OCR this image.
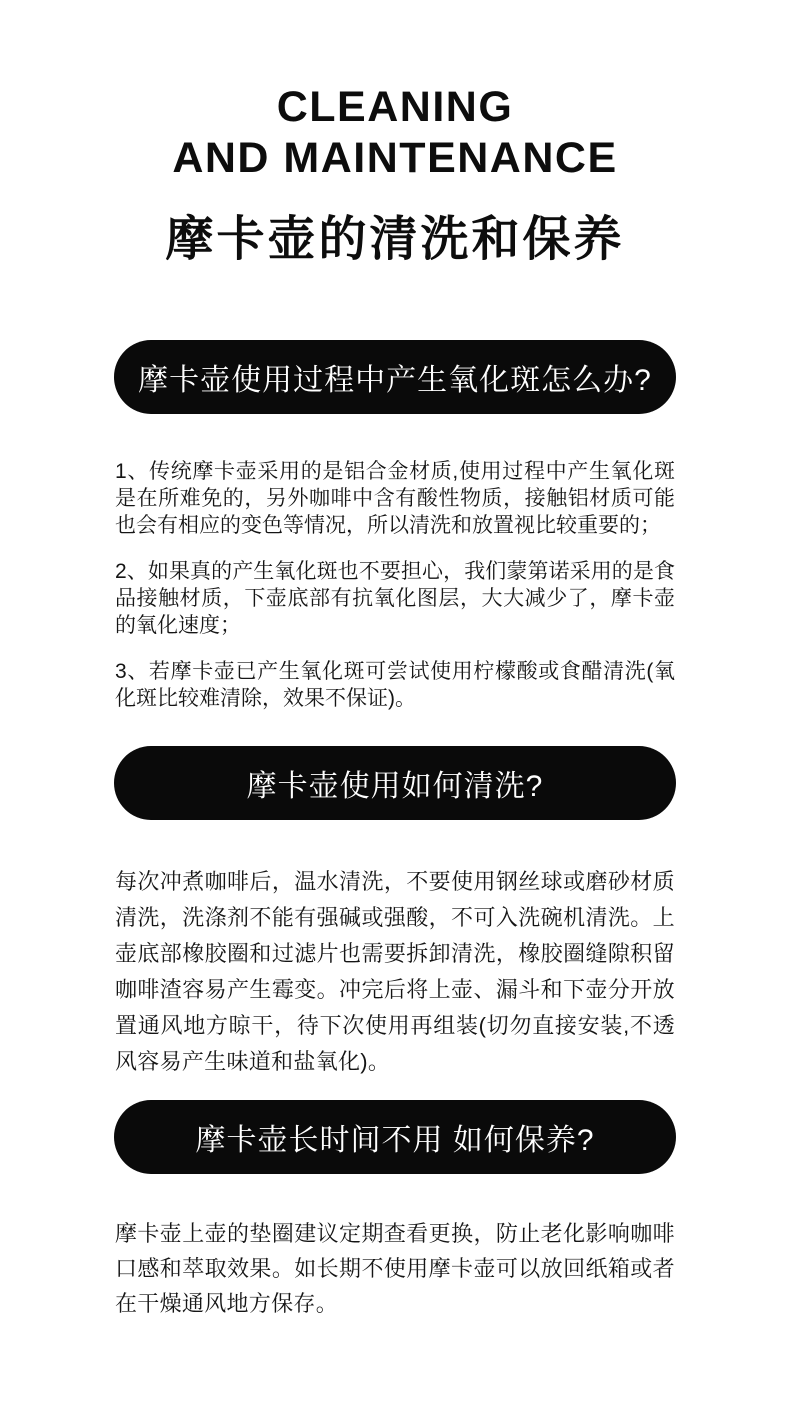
CLEANING
AND MAINTENANCE
摩卡壶的清洗和保养
摩卡壶使用过程中产生氧化斑怎么办?

1、传统摩卡壶采用的是铝合金材质,使用过程中产生氧化斑是在所难免的，另外咖啡中含有酸性物质，接触铝材质可能也会有相应的变色等情况，所以清洗和放置视比较重要的；

2、如果真的产生氧化斑也不要担心，我们蒙第诺采用的是食品接触材质，下壶底部有抗氧化图层，大大减少了，摩卡壶的氧化速度；

3、若摩卡壶已产生氧化斑可尝试使用柠檬酸或食醋清洗(氧化斑比较难清除，效果不保证)。

摩卡壶使用如何清洗?

每次冲煮咖啡后，温水清洗，不要使用钢丝球或磨砂材质清洗，洗涤剂不能有强碱或强酸，不可入洗碗机清洗。上壶底部橡胶圈和过滤片也需要拆卸清洗，橡胶圈缝隙积留咖啡渣容易产生霉变。冲完后将上壶、漏斗和下壶分开放置通风地方晾干，待下次使用再组装(切勿直接安装,不透风容易产生味道和盐氧化)。

摩卡壶长时间不用 如何保养?

摩卡壶上壶的垫圈建议定期查看更换，防止老化影响咖啡口感和萃取效果。如长期不使用摩卡壶可以放回纸箱或者在干燥通风地方保存。
